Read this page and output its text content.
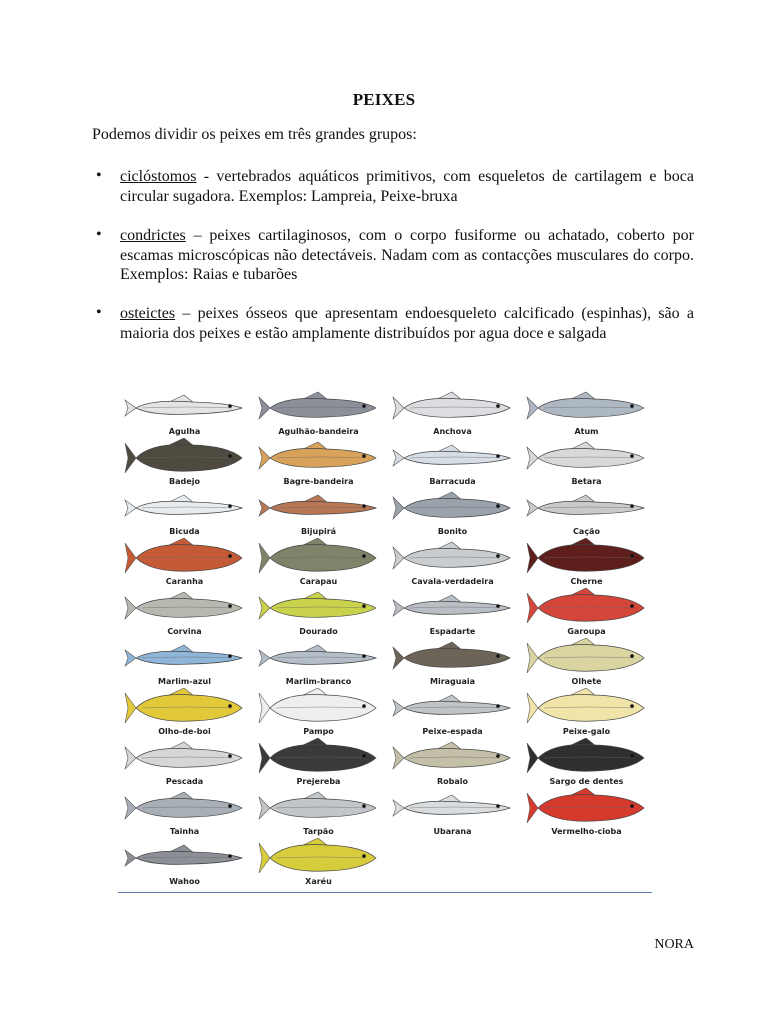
PEIXES
Podemos dividir os peixes em três grandes grupos:
• ciclóstomos - vertebrados aquáticos primitivos, com esqueletos de cartilagem e boca circular sugadora. Exemplos: Lampreia, Peixe-bruxa
• condrictes – peixes cartilaginosos, com o corpo fusiforme ou achatado, coberto por escamas microscópicas não detectáveis. Nadam com as contacções musculares do corpo. Exemplos: Raias e tubarões
• osteictes – peixes ósseos que apresentam endoesqueleto calcificado (espinhas), são a maioria dos peixes e estão amplamente distribuídos por agua doce e salgada
Agulha	Agulhão-bandeira	Anchova	Atum
Badejo	Bagre-bandeira	Barracuda	Betara
Bicuda	Bijupirá	Bonito	Cação
Caranha	Carapau	Cavala-verdadeira	Cherne
Corvina	Dourado	Espadarte	Garoupa
Marlim-azul	Marlim-branco	Miraguaia	Olhete
Olho-de-boi	Pampo	Peixe-espada	Peixe-galo
Pescada	Prejereba	Robalo	Sargo de dentes
Tainha	Tarpão	Ubarana	Vermelho-cioba
Wahoo	Xaréu
NORA
